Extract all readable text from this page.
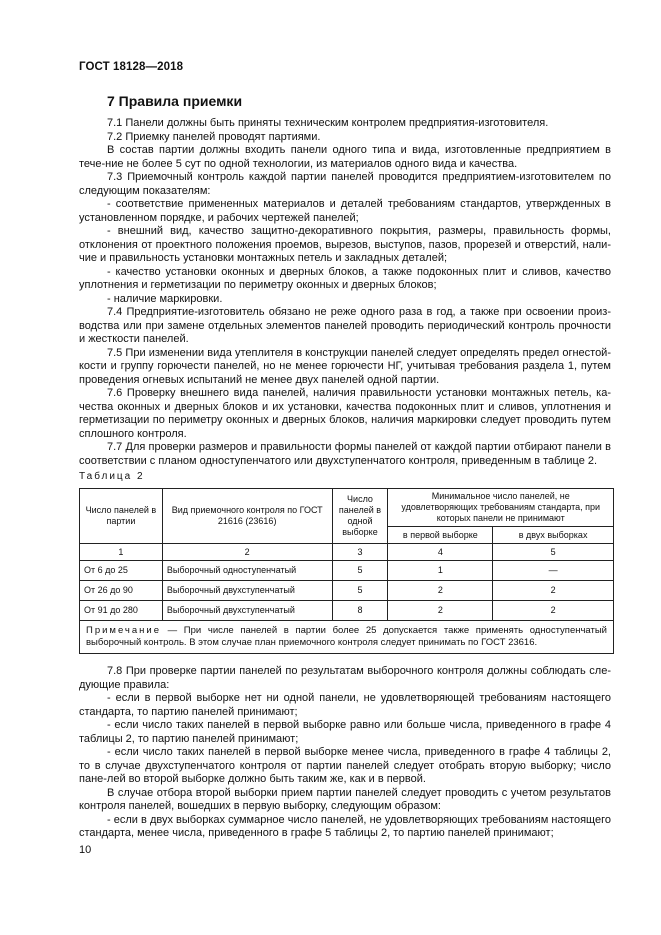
ГОСТ 18128—2018
7 Правила приемки

7.1 Панели должны быть приняты техническим контролем предприятия-изготовителя.

7.2 Приемку панелей проводят партиями.

В состав партии должны входить панели одного типа и вида, изготовленные предприятием в тече-ние не более 5 сут по одной технологии, из материалов одного вида и качества.

7.3 Приемочный контроль каждой партии панелей проводится предприятием-изготовителем по следующим показателям:

- соответствие примененных материалов и деталей требованиям стандартов, утвержденных в установленном порядке, и рабочих чертежей панелей;

- внешний вид, качество защитно-декоративного покрытия, размеры, правильность формы, отклонения от проектного положения проемов, вырезов, выступов, пазов, прорезей и отверстий, нали-чие и правильность установки монтажных петель и закладных деталей;

- качество установки оконных и дверных блоков, а также подоконных плит и сливов, качество уплотнения и герметизации по периметру оконных и дверных блоков;

- наличие маркировки.

7.4 Предприятие-изготовитель обязано не реже одного раза в год, а также при освоении произ-водства или при замене отдельных элементов панелей проводить периодический контроль прочности и жесткости панелей.

7.5 При изменении вида утеплителя в конструкции панелей следует определять предел огнестой-кости и группу горючести панелей, но не менее горючести НГ, учитывая требования раздела 1, путем проведения огневых испытаний не менее двух панелей одной партии.

7.6 Проверку внешнего вида панелей, наличия правильности установки монтажных петель, ка-чества оконных и дверных блоков и их установки, качества подоконных плит и сливов, уплотнения и герметизации по периметру оконных и дверных блоков, наличия маркировки следует проводить путем сплошного контроля.

7.7 Для проверки размеров и правильности формы панелей от каждой партии отбирают панели в соответствии с планом одноступенчатого или двухступенчатого контроля, приведенным в таблице 2.

Таблица 2
Число панелей в партии	Вид приемочного контроля по ГОСТ 21616 (23616)	Число панелей в одной выборке	Минимальное число панелей, не удовлетворяющих требованиям стандарта, при которых панели не принимают	
			в первой выборке	в двух выборках
1	2	3	4	5
От 6 до 25	Выборочный одноступенчатый	5	1	—
От 26 до 90	Выборочный двухступенчатый	5	2	2
От 91 до 280	Выборочный двухступенчатый	8	2	2
Примечание — При числе панелей в партии более 25 допускается также применять одноступенчатый выборочный контроль. В этом случае план приемочного контроля следует принимать по ГОСТ 23616.				

7.8 При проверке партии панелей по результатам выборочного контроля должны соблюдать сле-дующие правила:

- если в первой выборке нет ни одной панели, не удовлетворяющей требованиям настоящего стандарта, то партию панелей принимают;

- если число таких панелей в первой выборке равно или больше числа, приведенного в графе 4 таблицы 2, то партию панелей принимают;

- если число таких панелей в первой выборке менее числа, приведенного в графе 4 таблицы 2, то в случае двухступенчатого контроля от партии панелей следует отобрать вторую выборку; число пане-лей во второй выборке должно быть таким же, как и в первой.

В случае отбора второй выборки прием партии панелей следует проводить с учетом результатов контроля панелей, вошедших в первую выборку, следующим образом:

- если в двух выборках суммарное число панелей, не удовлетворяющих требованиям настоящего стандарта, менее числа, приведенного в графе 5 таблицы 2, то партию панелей принимают;

10
